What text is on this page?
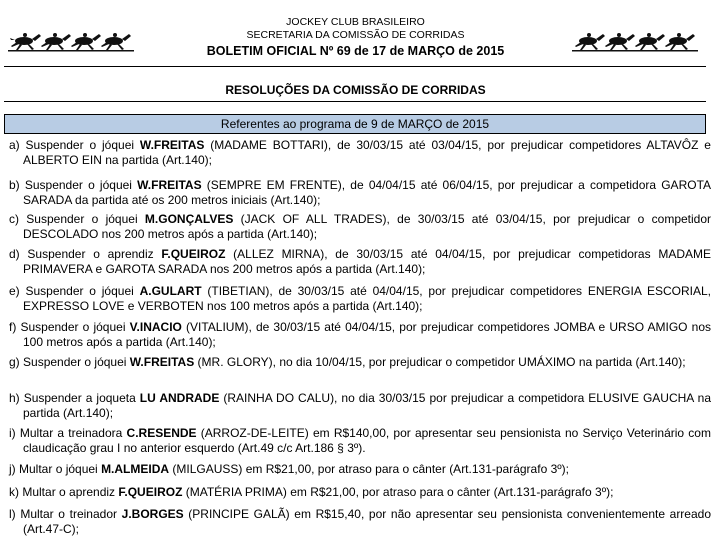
JOCKEY CLUB BRASILEIRO
SECRETARIA DA COMISSÃO DE CORRIDAS
BOLETIM OFICIAL Nº 69 de 17 de MARÇO de 2015
RESOLUÇÕES DA COMISSÃO DE CORRIDAS
Referentes ao programa de 9 de MARÇO de 2015
a) Suspender o jóquei W.FREITAS (MADAME BOTTARI), de 30/03/15 até 03/04/15, por prejudicar competidores ALTAVÔZ e ALBERTO EIN na partida (Art.140);
b) Suspender o jóquei W.FREITAS (SEMPRE EM FRENTE), de 04/04/15 até 06/04/15, por prejudicar a competidora GAROTA SARADA da partida até os 200 metros iniciais (Art.140);
c) Suspender o jóquei M.GONÇALVES (JACK OF ALL TRADES), de 30/03/15 até 03/04/15, por prejudicar o competidor DESCOLADO nos 200 metros após a partida (Art.140);
d) Suspender o aprendiz F.QUEIROZ (ALLEZ MIRNA), de 30/03/15 até 04/04/15, por prejudicar competidoras MADAME PRIMAVERA e GAROTA SARADA nos 200 metros após a partida (Art.140);
e) Suspender o jóquei A.GULART (TIBETIAN), de 30/03/15 até 04/04/15, por prejudicar competidores ENERGIA ESCORIAL, EXPRESSO LOVE e VERBOTEN nos 100 metros após a partida (Art.140);
f) Suspender o jóquei V.INACIO (VITALIUM), de 30/03/15 até 04/04/15, por prejudicar competidores JOMBA e URSO AMIGO nos 100 metros após a partida (Art.140);
g) Suspender o jóquei W.FREITAS (MR. GLORY), no dia 10/04/15, por prejudicar o competidor UMÁXIMO na partida (Art.140);
h) Suspender a joqueta LU ANDRADE (RAINHA DO CALU), no dia 30/03/15 por prejudicar a competidora ELUSIVE GAUCHA na partida (Art.140);
i) Multar a treinadora C.RESENDE (ARROZ-DE-LEITE) em R$140,00, por apresentar seu pensionista no Serviço Veterinário com claudicação grau I no anterior esquerdo (Art.49 c/c Art.186 § 3º).
j) Multar o jóquei M.ALMEIDA (MILGAUSS) em R$21,00, por atraso para o cânter (Art.131-parágrafo 3º);
k) Multar o aprendiz F.QUEIROZ (MATÉRIA PRIMA) em R$21,00, por atraso para o cânter (Art.131-parágrafo 3º);
l) Multar o treinador J.BORGES (PRINCIPE GALÃ) em R$15,40, por não apresentar seu pensionista convenientemente arreado (Art.47-C);
